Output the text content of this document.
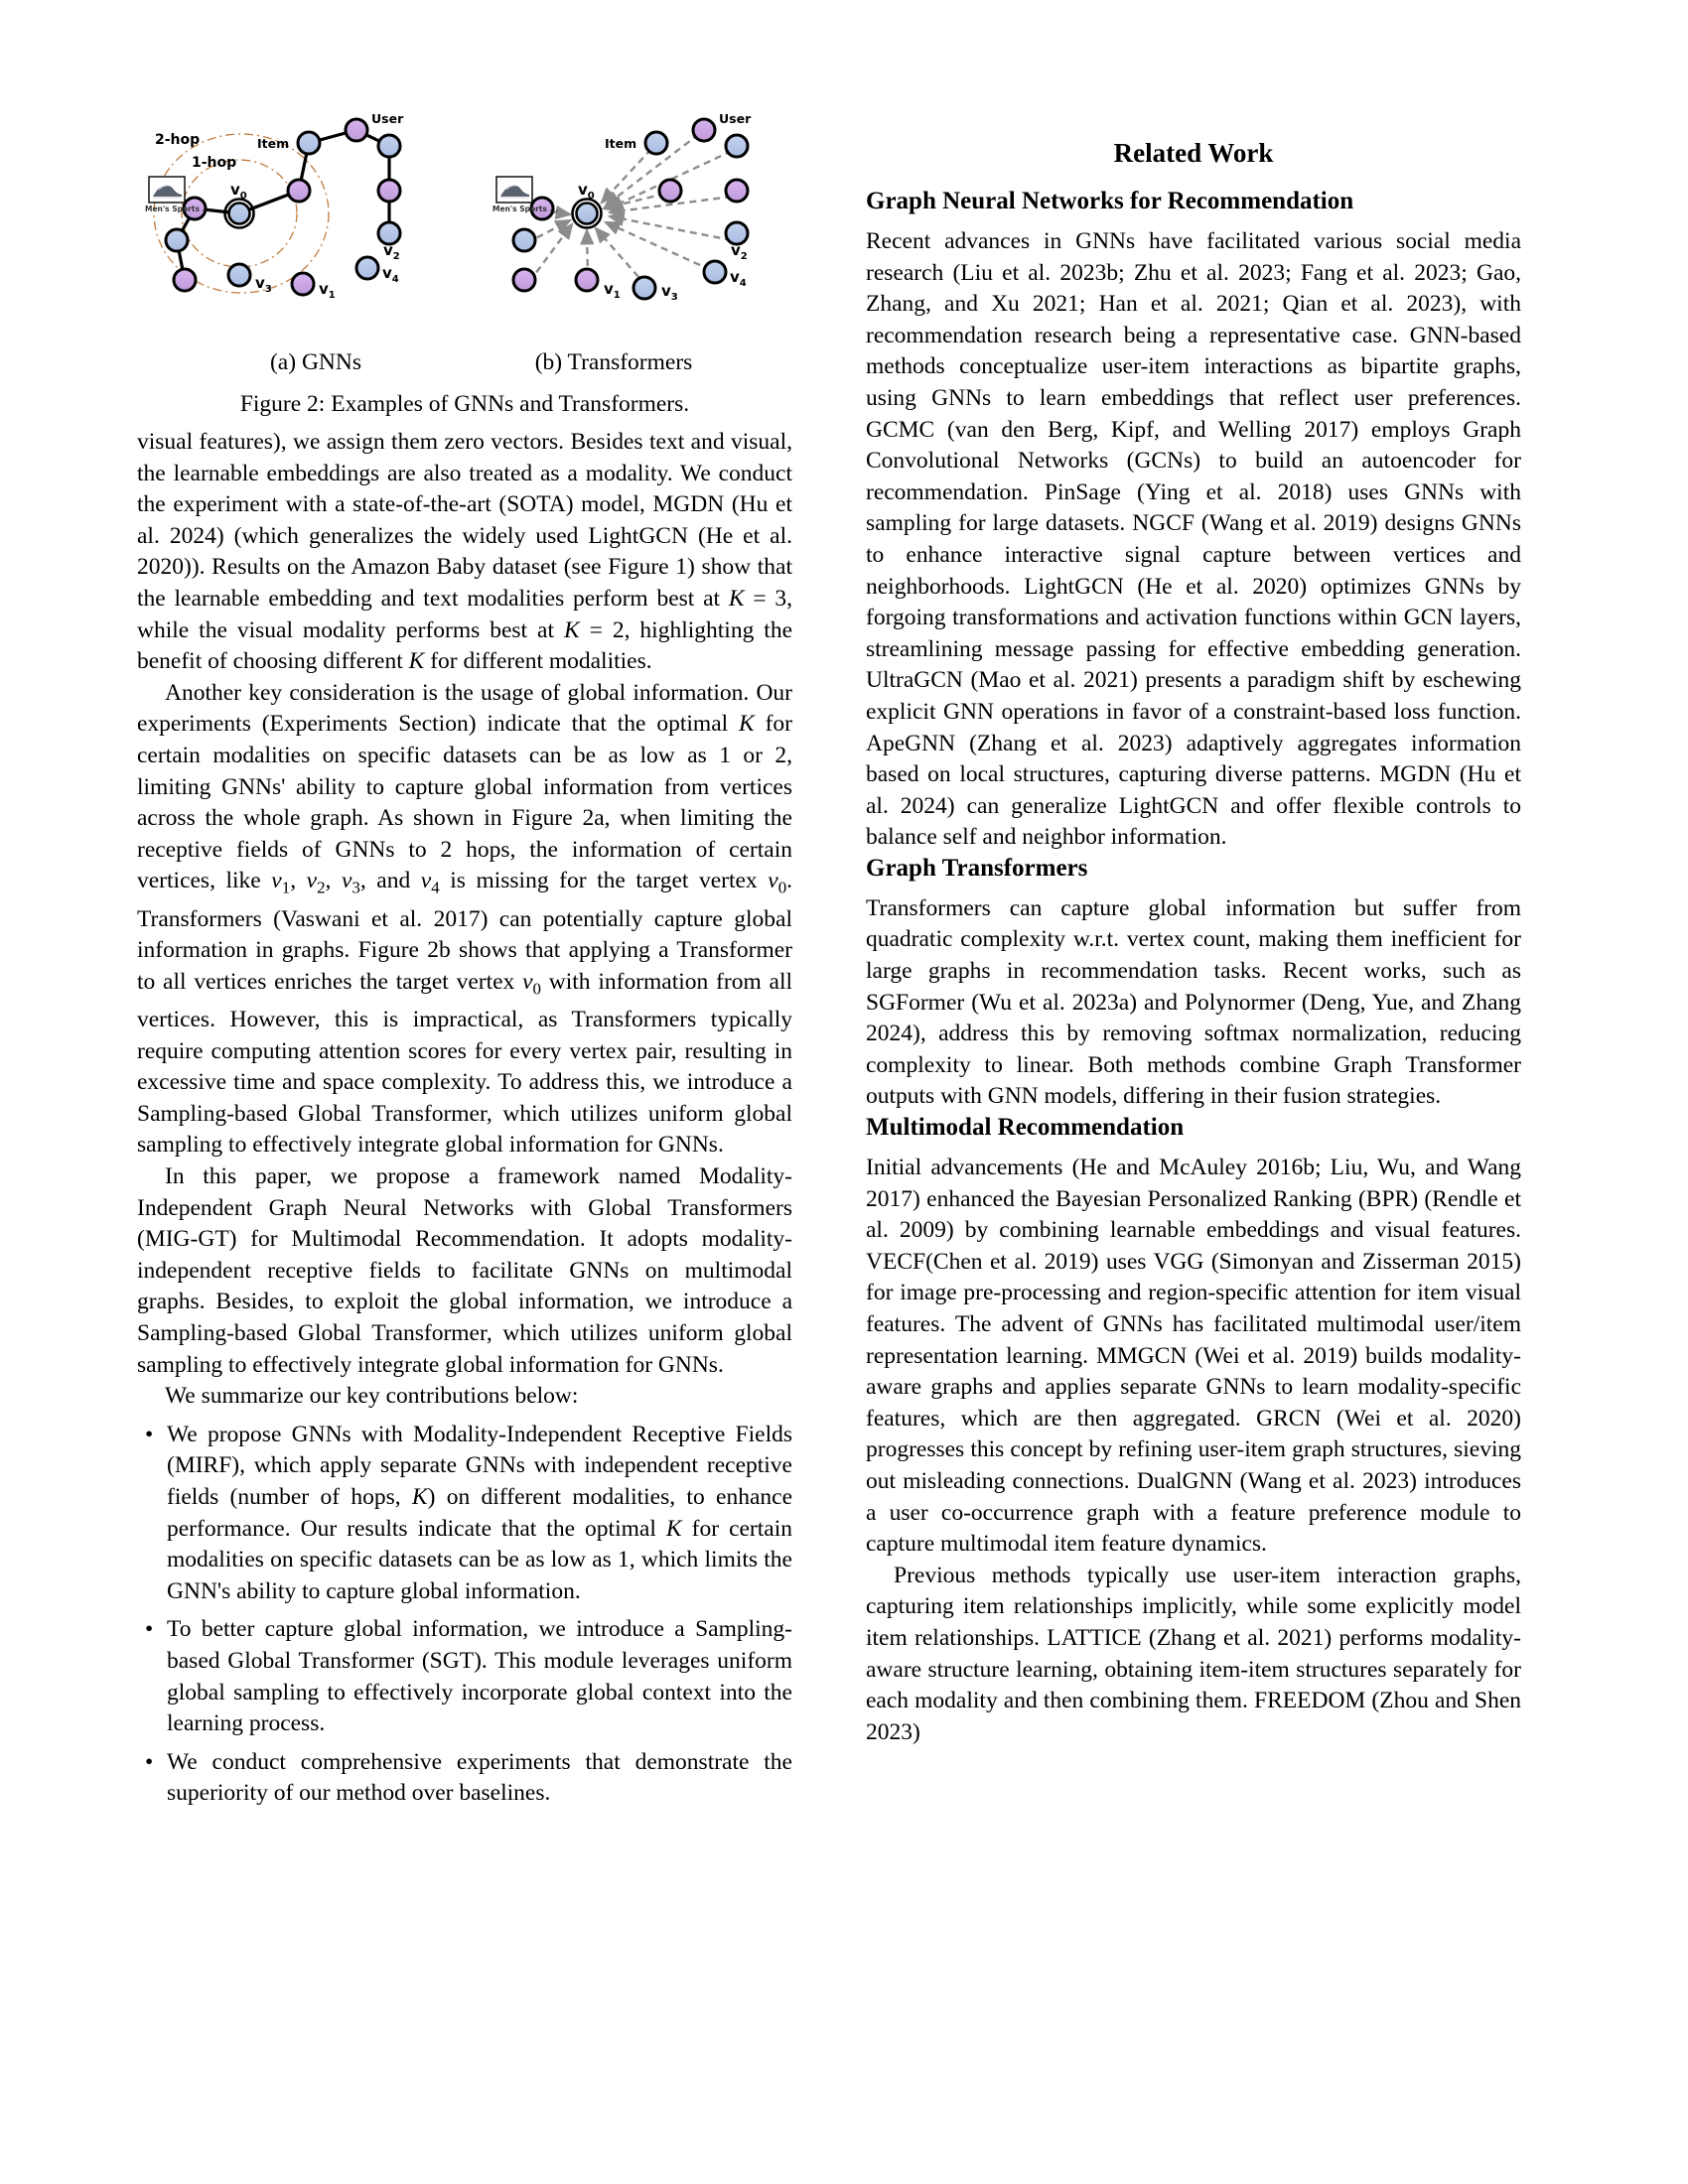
Men's Sports ...
2-hop
1-hop
Item
User
$v_0$
$v_1$
$v_2$
$v_3$
$v_4$
Men's Sports ...
Item
User
$v_0$
$v_1$
$v_2$
$v_3$
$v_4$
(a) GNNs	(b) Transformers
Figure 2: Examples of GNNs and Transformers.

visual features), we assign them zero vectors. Besides text and visual, the learnable embeddings are also treated as a modality. We conduct the experiment with a state-of-the-art (SOTA) model, MGDN (Hu et al. 2024) (which generalizes the widely used LightGCN (He et al. 2020)). Results on the Amazon Baby dataset (see Figure 1) show that the learnable embedding and text modalities perform best at K = 3, while the visual modality performs best at K = 2, highlighting the benefit of choosing different K for different modalities.

Another key consideration is the usage of global information. Our experiments (Experiments Section) indicate that the optimal K for certain modalities on specific datasets can be as low as 1 or 2, limiting GNNs' ability to capture global information from vertices across the whole graph. As shown in Figure 2a, when limiting the receptive fields of GNNs to 2 hops, the information of certain vertices, like $v_1$, $v_2$, $v_3$, and $v_4$ is missing for the target vertex $v_0$. Transformers (Vaswani et al. 2017) can potentially capture global information in graphs. Figure 2b shows that applying a Transformer to all vertices enriches the target vertex $v_0$ with information from all vertices. However, this is impractical, as Transformers typically require computing attention scores for every vertex pair, resulting in excessive time and space complexity. To address this, we introduce a Sampling-based Global Transformer, which utilizes uniform global sampling to effectively integrate global information for GNNs.

In this paper, we propose a framework named Modality-Independent Graph Neural Networks with Global Transformers (MIG-GT) for Multimodal Recommendation. It adopts modality-independent receptive fields to facilitate GNNs on multimodal graphs. Besides, to exploit the global information, we introduce a Sampling-based Global Transformer, which utilizes uniform global sampling to effectively integrate global information for GNNs.

We summarize our key contributions below:

• We propose GNNs with Modality-Independent Receptive Fields (MIRF), which apply separate GNNs with independent receptive fields (number of hops, K) on different modalities, to enhance performance. Our results indicate that the optimal K for certain modalities on specific datasets can be as low as 1, which limits the GNN's ability to capture global information.
• To better capture global information, we introduce a Sampling-based Global Transformer (SGT). This module leverages uniform global sampling to effectively incorporate global context into the learning process.
• We conduct comprehensive experiments that demonstrate the superiority of our method over baselines.
Related Work
Graph Neural Networks for Recommendation

Recent advances in GNNs have facilitated various social media research (Liu et al. 2023b; Zhu et al. 2023; Fang et al. 2023; Gao, Zhang, and Xu 2021; Han et al. 2021; Qian et al. 2023), with recommendation research being a representative case. GNN-based methods conceptualize user-item interactions as bipartite graphs, using GNNs to learn embeddings that reflect user preferences. GCMC (van den Berg, Kipf, and Welling 2017) employs Graph Convolutional Networks (GCNs) to build an autoencoder for recommendation. PinSage (Ying et al. 2018) uses GNNs with sampling for large datasets. NGCF (Wang et al. 2019) designs GNNs to enhance interactive signal capture between vertices and neighborhoods. LightGCN (He et al. 2020) optimizes GNNs by forgoing transformations and activation functions within GCN layers, streamlining message passing for effective embedding generation. UltraGCN (Mao et al. 2021) presents a paradigm shift by eschewing explicit GNN operations in favor of a constraint-based loss function. ApeGNN (Zhang et al. 2023) adaptively aggregates information based on local structures, capturing diverse patterns. MGDN (Hu et al. 2024) can generalize LightGCN and offer flexible controls to balance self and neighbor information.

Graph Transformers

Transformers can capture global information but suffer from quadratic complexity w.r.t. vertex count, making them inefficient for large graphs in recommendation tasks. Recent works, such as SGFormer (Wu et al. 2023a) and Polynormer (Deng, Yue, and Zhang 2024), address this by removing softmax normalization, reducing complexity to linear. Both methods combine Graph Transformer outputs with GNN models, differing in their fusion strategies.

Multimodal Recommendation

Initial advancements (He and McAuley 2016b; Liu, Wu, and Wang 2017) enhanced the Bayesian Personalized Ranking (BPR) (Rendle et al. 2009) by combining learnable embeddings and visual features. VECF(Chen et al. 2019) uses VGG (Simonyan and Zisserman 2015) for image pre-processing and region-specific attention for item visual features. The advent of GNNs has facilitated multimodal user/item representation learning. MMGCN (Wei et al. 2019) builds modality-aware graphs and applies separate GNNs to learn modality-specific features, which are then aggregated. GRCN (Wei et al. 2020) progresses this concept by refining user-item graph structures, sieving out misleading connections. DualGNN (Wang et al. 2023) introduces a user co-occurrence graph with a feature preference module to capture multimodal item feature dynamics.

Previous methods typically use user-item interaction graphs, capturing item relationships implicitly, while some explicitly model item relationships. LATTICE (Zhang et al. 2021) performs modality-aware structure learning, obtaining item-item structures separately for each modality and then combining them. FREEDOM (Zhou and Shen 2023)
